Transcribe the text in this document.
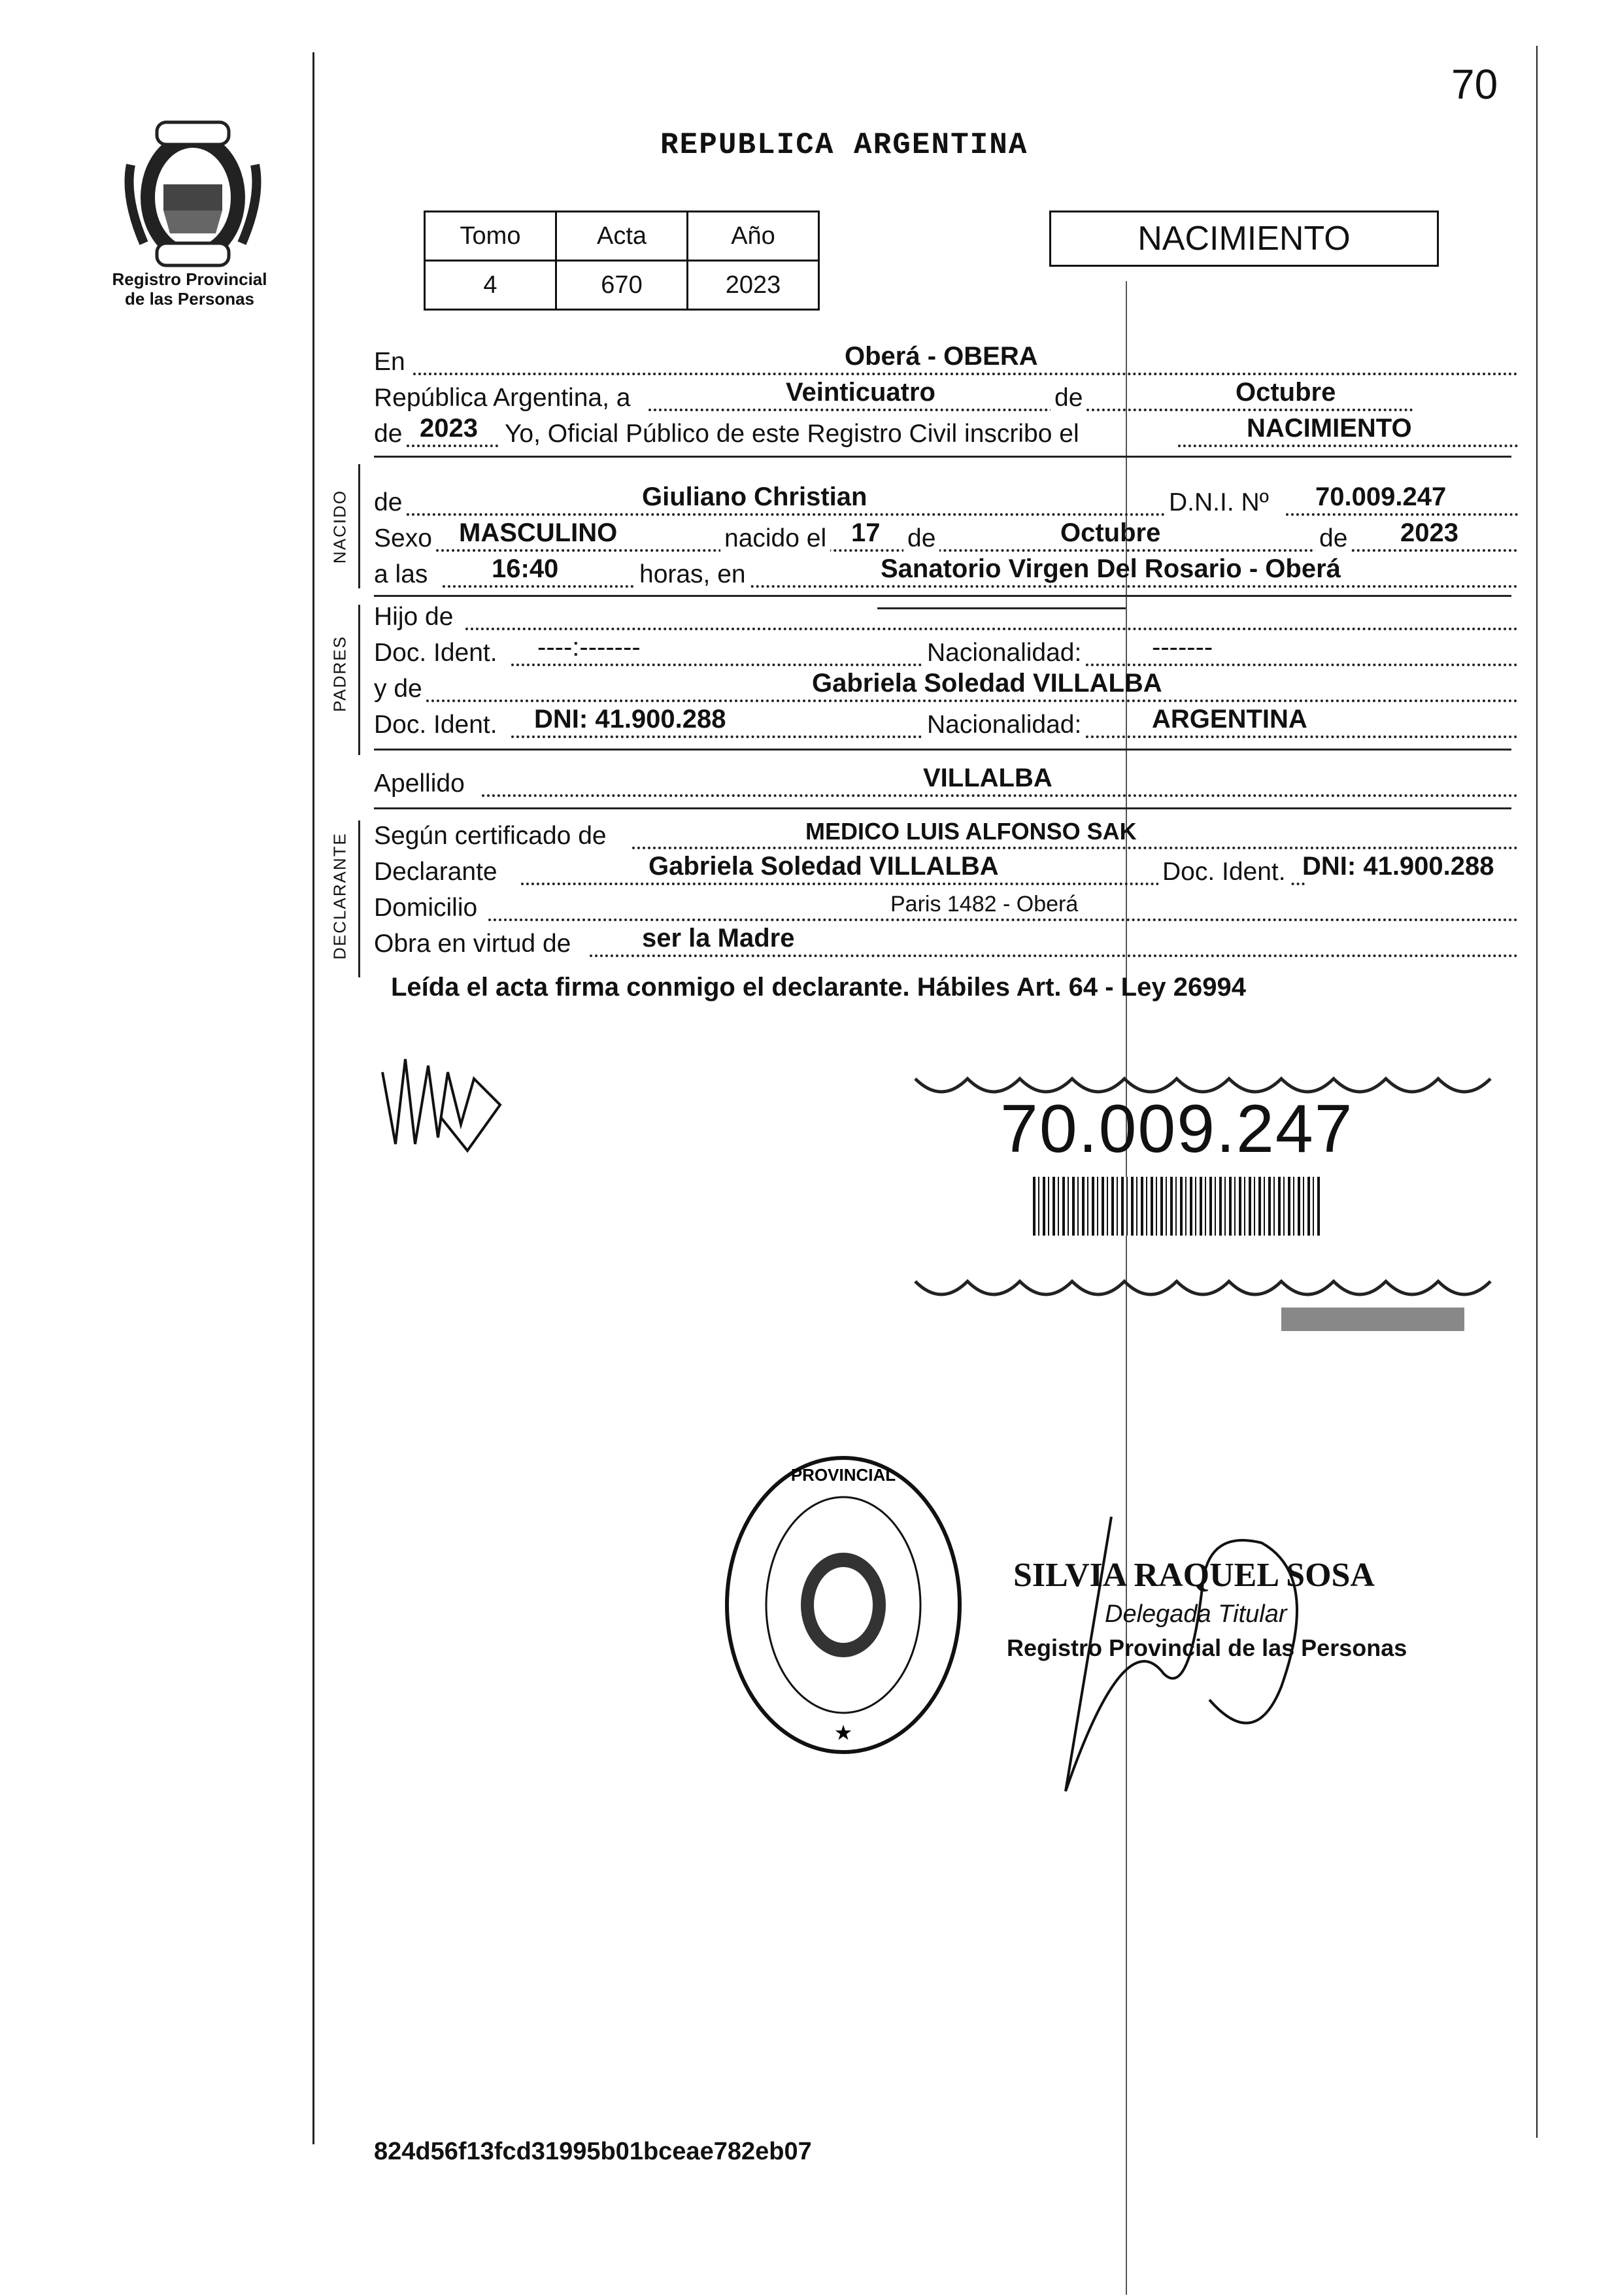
70
REPUBLICA ARGENTINA
Registro Provincial
de las Personas
Tomo	Acta	Año
4	670	2023
NACIMIENTO
En	Oberá - OBERA
República Argentina, a	Veinticuatro	de	Octubre
de 2023 Yo, Oficial Público de este Registro Civil inscribo el	NACIMIENTO
NACIDO de	Giuliano Christian	D.N.I. Nº 70.009.247
Sexo MASCULINO	nacido el 17 de	Octubre	de 2023
a las 16:40	horas, en	Sanatorio Virgen Del Rosario - Oberá
PADRES
Hijo de
Doc. Ident. ----:-------	Nacionalidad:	-------
y de	Gabriela Soledad VILLALBA
Doc. Ident. DNI: 41.900.288	Nacionalidad:	ARGENTINA
Apellido	VILLALBA
DECLARANTE Según certificado de	MEDICO LUIS ALFONSO SAK
Declarante	Gabriela Soledad VILLALBA	Doc. Ident. DNI: 41.900.288
Domicilio	Paris 1482 - Oberá
Obra en virtud de	ser la Madre
Leída el acta firma conmigo el declarante. Hábiles Art. 64 - Ley 26994
70.009.247
PROVINCIAL
★
SILVIA RAQUEL SOSA
Delegada Titular
Registro Provincial de las Personas
824d56f13fcd31995b01bceae782eb07
